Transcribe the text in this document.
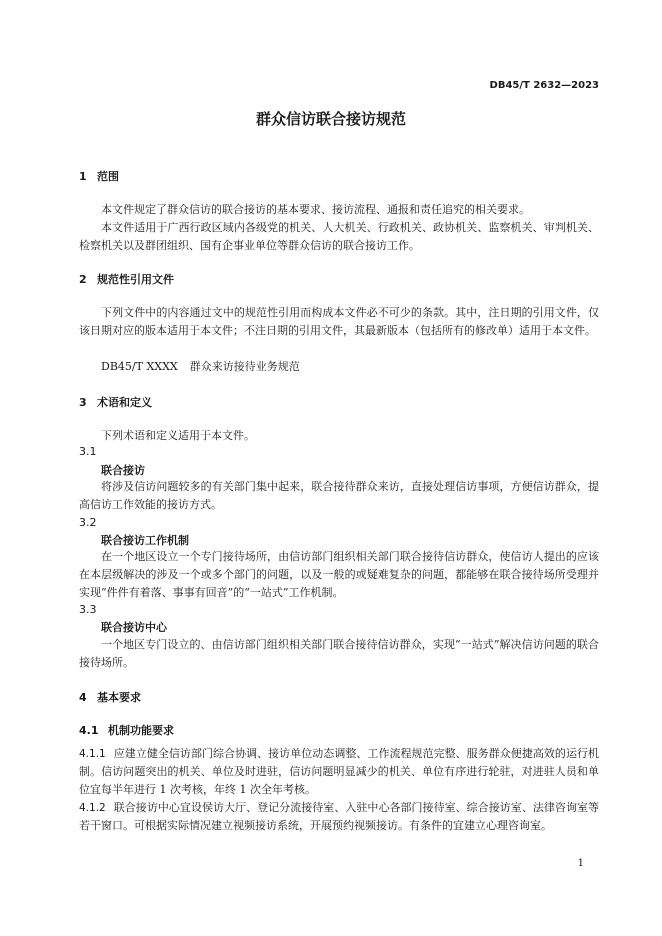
DB45/T 2632—2023
群众信访联合接访规范
1 范围

本文件规定了群众信访的联合接访的基本要求、接访流程、通报和责任追究的相关要求。

本文件适用于广西行政区域内各级党的机关、人大机关、行政机关、政协机关、监察机关、审判机关、检察机关以及群团组织、国有企事业单位等群众信访的联合接访工作。

2 规范性引用文件

下列文件中的内容通过文中的规范性引用而构成本文件必不可少的条款。其中，注日期的引用文件，仅该日期对应的版本适用于本文件；不注日期的引用文件，其最新版本（包括所有的修改单）适用于本文件。

DB45/T XXXX 群众来访接待业务规范
3 术语和定义

下列术语和定义适用于本文件。

3.1
联合接访

将涉及信访问题较多的有关部门集中起来，联合接待群众来访，直接处理信访事项，方便信访群众，提高信访工作效能的接访方式。

3.2
联合接访工作机制

在一个地区设立一个专门接待场所，由信访部门组织相关部门联合接待信访群众，使信访人提出的应该在本层级解决的涉及一个或多个部门的问题，以及一般的或疑难复杂的问题，都能够在联合接待场所受理并实现“件件有着落、事事有回音”的“一站式”工作机制。

3.3
联合接访中心

一个地区专门设立的、由信访部门组织相关部门联合接待信访群众，实现“一站式”解决信访问题的联合接待场所。

4 基本要求
4.1 机制功能要求

4.1.1 应建立健全信访部门综合协调、接访单位动态调整、工作流程规范完整、服务群众便捷高效的运行机制。信访问题突出的机关、单位及时进驻，信访问题明显减少的机关、单位有序进行轮驻，对进驻人员和单位宜每半年进行 1 次考核，年终 1 次全年考核。

4.1.2 联合接访中心宜设侯访大厅、登记分流接待室、入驻中心各部门接待室、综合接访室、法律咨询室等若干窗口。可根据实际情况建立视频接访系统，开展预约视频接访。有条件的宜建立心理咨询室。

1
